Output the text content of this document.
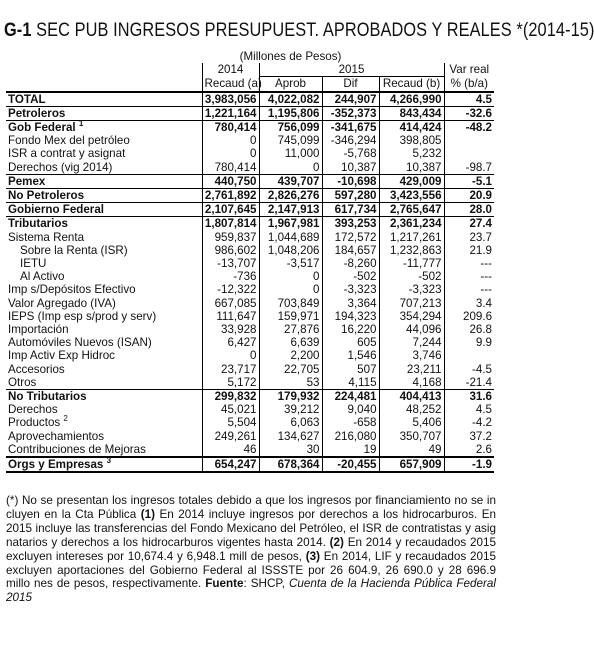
G-1 SEC PUB INGRESOS PRESUPUEST. APROBADOS Y REALES *(2014-15)
	(Millones de Pesos)				
	2014	2015			Var real
	Recaud (a)	Aprob	Dif	Recaud (b)	% (b/a)
TOTAL	3,983,056	4,022,082	244,907	4,266,990	4.5
Petroleros	1,221,164	1,195,806	-352,373	843,434	-32.6
Gob Federal $^1$	780,414	756,099	-341,675	414,424	-48.2
Fondo Mex del petróleo	0	745,099	-346,294	398,805	
ISR a contrat y asignat	0	11,000	-5,768	5,232	
Derechos (vig 2014)	780,414	0	10,387	10,387	-98.7
Pemex	440,750	439,707	-10,698	429,009	-5.1
No Petroleros	2,761,892	2,826,276	597,280	3,423,556	20.9
Gobierno Federal	2,107,645	2,147,913	617,734	2,765,647	28.0
Tributarios	1,807,814	1,967,981	393,253	2,361,234	27.4
Sistema Renta	959,837	1,044,689	172,572	1,217,261	23.7
Sobre la Renta (ISR)	986,602	1,048,206	184,657	1,232,863	21.9
IETU	-13,707	-3,517	-8,260	-11,777	---
Al Activo	-736	0	-502	-502	---
Imp s/Depósitos Efectivo	-12,322	0	-3,323	-3,323	---
Valor Agregado (IVA)	667,085	703,849	3,364	707,213	3.4
IEPS (Imp esp s/prod y serv)	111,647	159,971	194,323	354,294	209.6
Importación	33,928	27,876	16,220	44,096	26.8
Automóviles Nuevos (ISAN)	6,427	6,639	605	7,244	9.9
Imp Activ Exp Hidroc	0	2,200	1,546	3,746	
Accesorios	23,717	22,705	507	23,211	-4.5
Otros	5,172	53	4,115	4,168	-21.4
No Tributarios	299,832	179,932	224,481	404,413	31.6
Derechos	45,021	39,212	9,040	48,252	4.5
Productos $^2$	5,504	6,063	-658	5,406	-4.2
Aprovechamientos	249,261	134,627	216,080	350,707	37.2
Contribuciones de Mejoras	46	30	19	49	2.6
Orgs y Empresas $^3$	654,247	678,364	-20,455	657,909	-1.9

(*) No se presentan los ingresos totales debido a que los ingresos por financiamiento no se in cluyen en la Cta Pública (1) En 2014 incluye ingresos por derechos a los hidrocarburos. En 2015 incluye las transferencias del Fondo Mexicano del Petróleo, el ISR de contratistas y asig natarios y derechos a los hidrocarburos vigentes hasta 2014. (2) En 2014 y recaudados 2015 excluyen intereses por 10,674.4 y 6,948.1 mill de pesos, (3) En 2014, LIF y recaudados 2015 excluyen aportaciones del Gobierno Federal al ISSSTE por 26 604.9, 26 690.0 y 28 696.9 millo nes de pesos, respectivamente. Fuente: SHCP, Cuenta de la Hacienda Pública Federal 2015
